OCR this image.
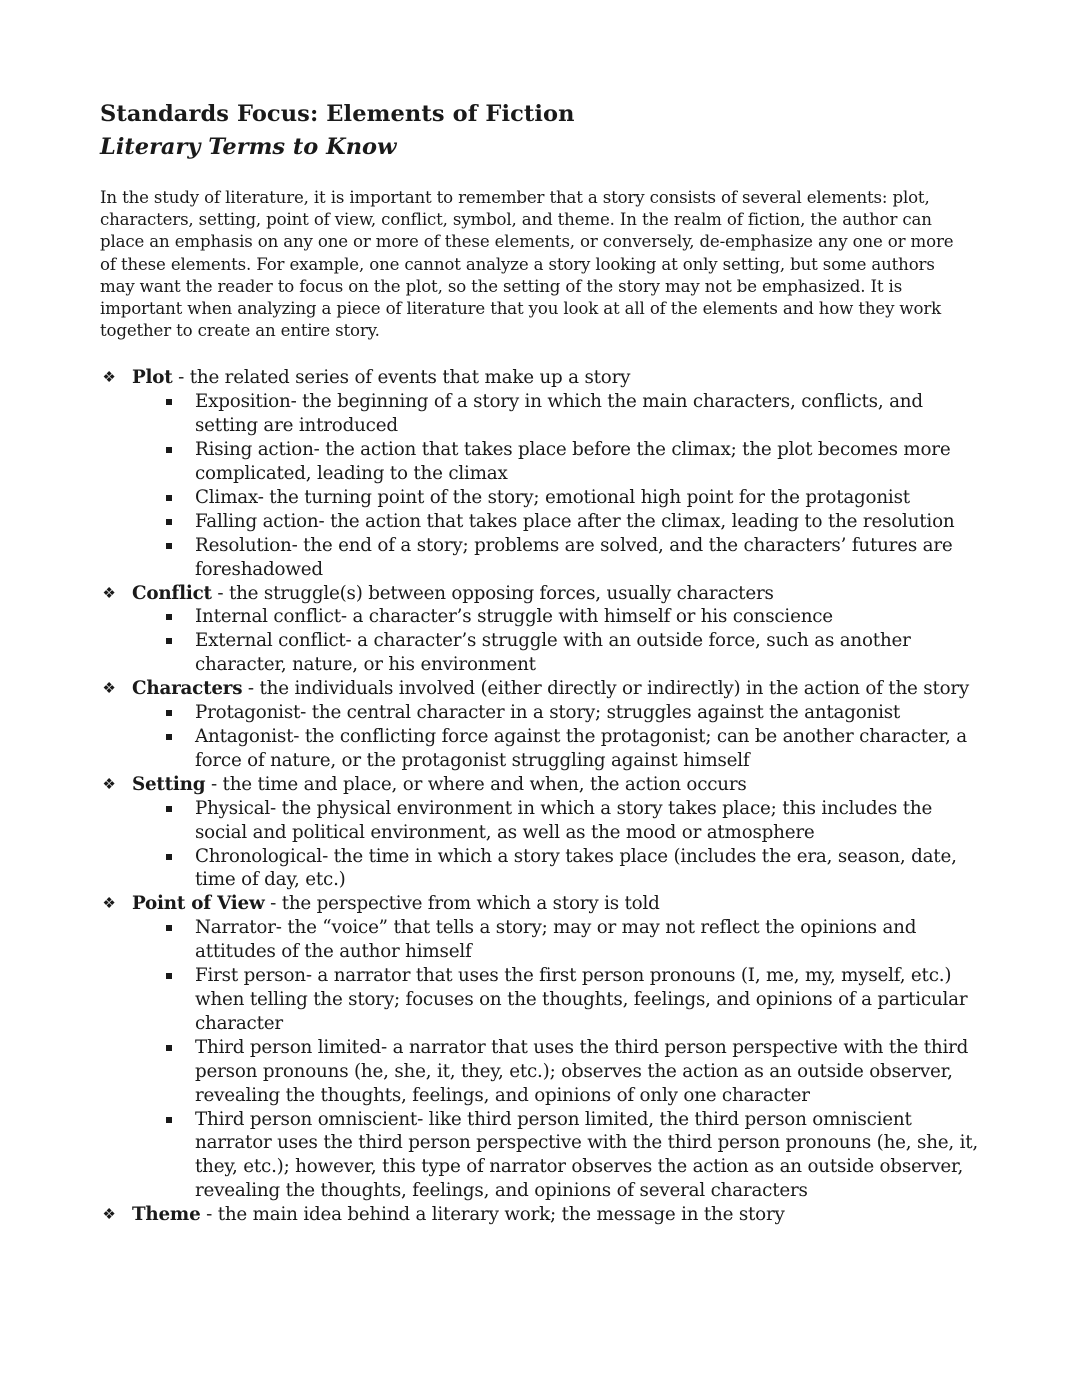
Standards Focus: Elements of Fiction
Literary Terms to Know
In the study of literature, it is important to remember that a story consists of several elements: plot,
characters, setting, point of view, conflict, symbol, and theme. In the realm of fiction, the author can
place an emphasis on any one or more of these elements, or conversely, de-emphasize any one or more
of these elements. For example, one cannot analyze a story looking at only setting, but some authors
may want the reader to focus on the plot, so the setting of the story may not be emphasized. It is
important when analyzing a piece of literature that you look at all of the elements and how they work
together to create an entire story.
❖ Plot - the related series of events that make up a story
Exposition- the beginning of a story in which the main characters, conflicts, and
setting are introduced
Rising action- the action that takes place before the climax; the plot becomes more
complicated, leading to the climax
Climax- the turning point of the story; emotional high point for the protagonist
Falling action- the action that takes place after the climax, leading to the resolution
Resolution- the end of a story; problems are solved, and the characters’ futures are
foreshadowed
❖ Conflict - the struggle(s) between opposing forces, usually characters
Internal conflict- a character’s struggle with himself or his conscience
External conflict- a character’s struggle with an outside force, such as another
character, nature, or his environment
❖ Characters - the individuals involved (either directly or indirectly) in the action of the story
Protagonist- the central character in a story; struggles against the antagonist
Antagonist- the conflicting force against the protagonist; can be another character, a
force of nature, or the protagonist struggling against himself
❖ Setting - the time and place, or where and when, the action occurs
Physical- the physical environment in which a story takes place; this includes the
social and political environment, as well as the mood or atmosphere
Chronological- the time in which a story takes place (includes the era, season, date,
time of day, etc.)
❖ Point of View - the perspective from which a story is told
Narrator- the “voice” that tells a story; may or may not reflect the opinions and
attitudes of the author himself
First person- a narrator that uses the first person pronouns (I, me, my, myself, etc.)
when telling the story; focuses on the thoughts, feelings, and opinions of a particular
character
Third person limited- a narrator that uses the third person perspective with the third
person pronouns (he, she, it, they, etc.); observes the action as an outside observer,
revealing the thoughts, feelings, and opinions of only one character
Third person omniscient- like third person limited, the third person omniscient
narrator uses the third person perspective with the third person pronouns (he, she, it,
they, etc.); however, this type of narrator observes the action as an outside observer,
revealing the thoughts, feelings, and opinions of several characters
❖ Theme - the main idea behind a literary work; the message in the story
